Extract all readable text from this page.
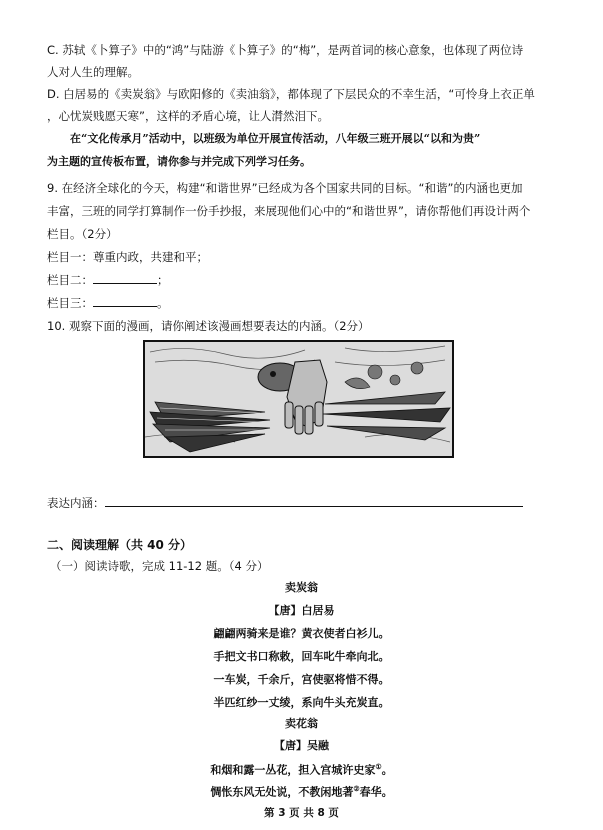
C. 苏轼《卜算子》中的“鸿”与陆游《卜算子》的“梅”，是两首词的核心意象，也体现了两位诗
人对人生的理解。
D. 白居易的《卖炭翁》与欧阳修的《卖油翁》，都体现了下层民众的不幸生活，“可怜身上衣正单
，心忧炭贱愿天寒”，这样的矛盾心境，让人潸然泪下。
在“文化传承月”活动中，以班级为单位开展宣传活动，八年级三班开展以“以和为贵”
为主题的宣传板布置，请你参与并完成下列学习任务。
9. 在经济全球化的今天，构建“和谐世界”已经成为各个国家共同的目标。“和谐”的内涵也更加
丰富，三班的同学打算制作一份手抄报，来展现他们心中的“和谐世界”，请你帮他们再设计两个
栏目。（2分）
栏目一：尊重内政，共建和平；
栏目二：	；
栏目三：	。
10. 观察下面的漫画，请你阐述该漫画想要表达的内涵。（2分）
表达内涵：
二、阅读理解（共 40 分）
（一）阅读诗歌，完成 11-12 题。（4 分）
卖炭翁
【唐】白居易
翩翩两骑来是谁？黄衣使者白衫儿。
手把文书口称敕，回车叱牛牵向北。
一车炭，千余斤，宫使驱将惜不得。
半匹红纱一丈绫，系向牛头充炭直。
卖花翁
【唐】吴融
和烟和露一丛花，担入宫城许史家①。
惆怅东风无处说，不教闲地著②春华。
第 3 页 共 8 页
